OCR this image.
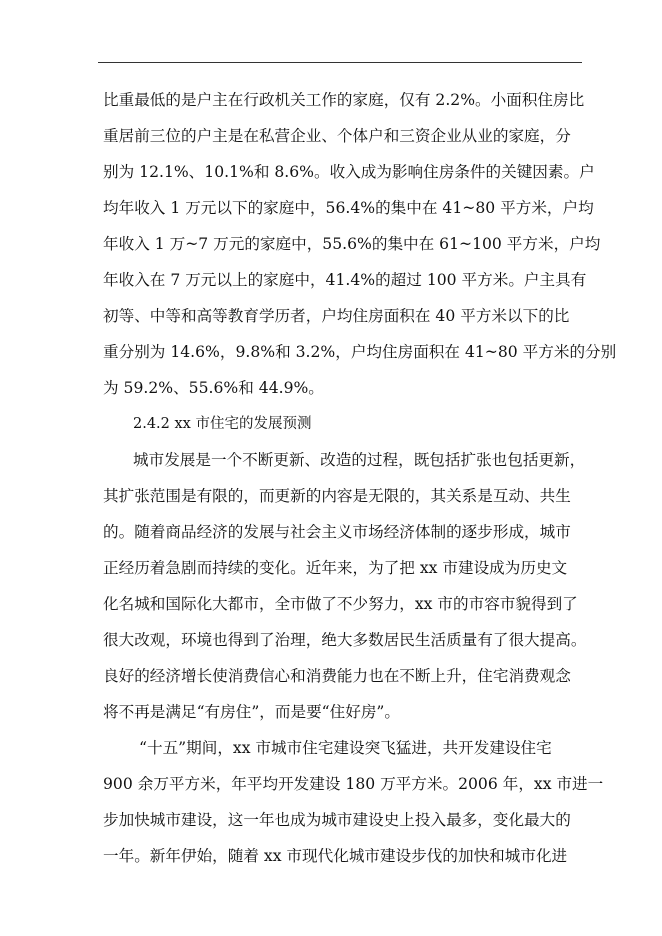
比重最低的是户主在行政机关工作的家庭，仅有 2.2%。小面积住房比
重居前三位的户主是在私营企业、个体户和三资企业从业的家庭，分
别为 12.1%、10.1%和 8.6%。收入成为影响住房条件的关键因素。户
均年收入 1 万元以下的家庭中，56.4%的集中在 41~80 平方米，户均
年收入 1 万~7 万元的家庭中，55.6%的集中在 61~100 平方米，户均
年收入在 7 万元以上的家庭中，41.4%的超过 100 平方米。户主具有
初等、中等和高等教育学历者，户均住房面积在 40 平方米以下的比
重分别为 14.6%，9.8%和 3.2%，户均住房面积在 41~80 平方米的分别
为 59.2%、55.6%和 44.9%。
2.4.2 xx 市住宅的发展预测
城市发展是一个不断更新、改造的过程，既包括扩张也包括更新，
其扩张范围是有限的，而更新的内容是无限的，其关系是互动、共生
的。随着商品经济的发展与社会主义市场经济体制的逐步形成，城市
正经历着急剧而持续的变化。近年来，为了把 xx 市建设成为历史文
化名城和国际化大都市，全市做了不少努力，xx 市的市容市貌得到了
很大改观，环境也得到了治理，绝大多数居民生活质量有了很大提高。
良好的经济增长使消费信心和消费能力也在不断上升，住宅消费观念
将不再是满足“有房住”，而是要“住好房”。
“十五”期间，xx 市城市住宅建设突飞猛进，共开发建设住宅
900 余万平方米，年平均开发建设 180 万平方米。2006 年，xx 市进一
步加快城市建设，这一年也成为城市建设史上投入最多，变化最大的
一年。新年伊始，随着 xx 市现代化城市建设步伐的加快和城市化进
